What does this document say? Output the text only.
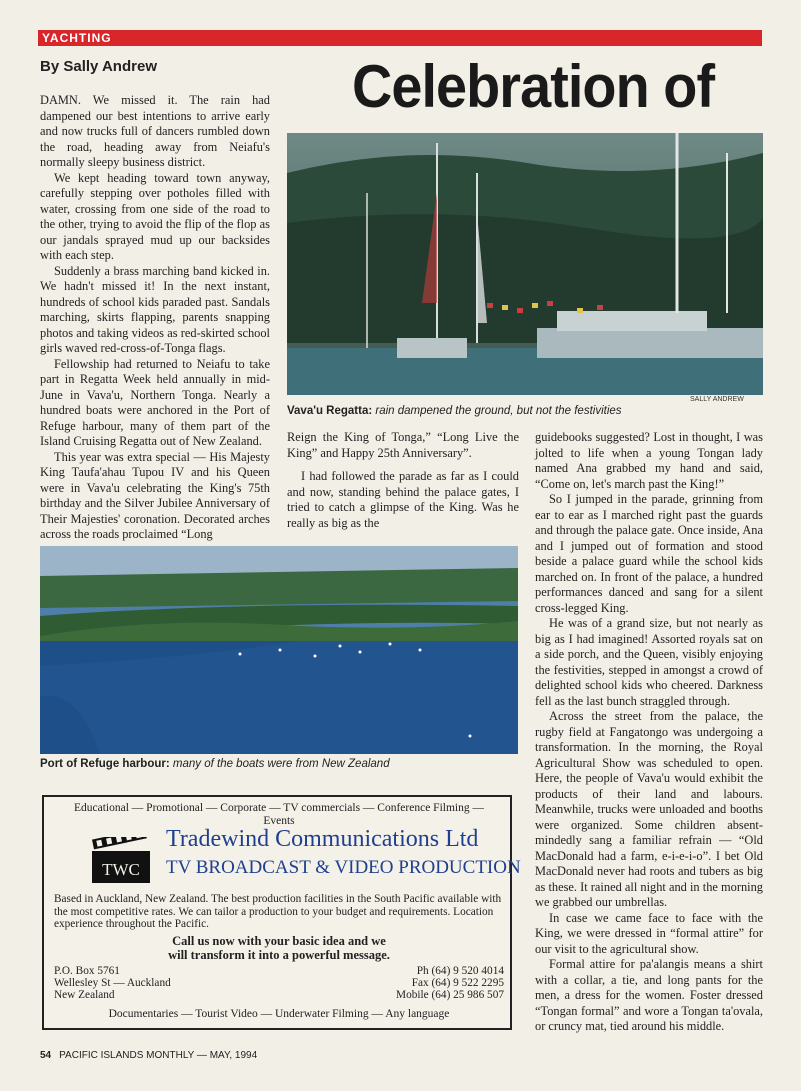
YACHTING
Celebration of
By Sally Andrew

DAMN. We missed it. The rain had dampened our best intentions to arrive early and now trucks full of dancers rumbled down the road, heading away from Neiafu's normally sleepy business district.

We kept heading toward town anyway, carefully stepping over potholes filled with water, crossing from one side of the road to the other, trying to avoid the flip of the flop as our jandals sprayed mud up our backsides with each step.

Suddenly a brass marching band kicked in. We hadn't missed it! In the next instant, hundreds of school kids paraded past. Sandals marching, skirts flapping, parents snapping photos and taking videos as red-skirted school girls waved red-cross-of-Tonga flags.

Fellowship had returned to Neiafu to take part in Regatta Week held annually in mid-June in Vava'u, Northern Tonga. Nearly a hundred boats were anchored in the Port of Refuge harbour, many of them part of the Island Cruising Regatta out of New Zealand.

This year was extra special — His Majesty King Taufa'ahau Tupou IV and his Queen were in Vava'u celebrating the King's 75th birthday and the Silver Jubilee Anniversary of Their Majesties' coronation. Decorated arches across the roads proclaimed “Long

SALLY ANDREW
Vava'u Regatta: rain dampened the ground, but not the festivities

Reign the King of Tonga,” “Long Live the King” and Happy 25th Anniversary”.

I had followed the parade as far as I could and now, standing behind the palace gates, I tried to catch a glimpse of the King. Was he really as big as the

guidebooks suggested? Lost in thought, I was jolted to life when a young Tongan lady named Ana grabbed my hand and said, “Come on, let's march past the King!”

So I jumped in the parade, grinning from ear to ear as I marched right past the guards and through the palace gate. Once inside, Ana and I jumped out of formation and stood beside a palace guard while the school kids marched on. In front of the palace, a hundred performances danced and sang for a silent cross-legged King.

He was of a grand size, but not nearly as big as I had imagined! Assorted royals sat on a side porch, and the Queen, visibly enjoying the festivities, stepped in amongst a crowd of delighted school kids who cheered. Darkness fell as the last bunch straggled through.

Across the street from the palace, the rugby field at Fangatongo was undergoing a transformation. In the morning, the Royal Agricultural Show was scheduled to open. Here, the people of Vava'u would exhibit the products of their land and labours. Meanwhile, trucks were unloaded and booths were organized. Some children absent-mindedly sang a familiar refrain — “Old MacDonald had a farm, e-i-e-i-o”. I bet Old MacDonald never had roots and tubers as big as these. It rained all night and in the morning we grabbed our umbrellas.

In case we came face to face with the King, we were dressed in “formal attire” for our visit to the agricultural show.

Formal attire for pa'alangis means a shirt with a collar, a tie, and long pants for the men, a dress for the women. Foster dressed “Tongan formal” and wore a Tongan ta'ovala, or cruncy mat, tied around his middle.

Port of Refuge harbour: many of the boats were from New Zealand
Educational — Promotional — Corporate — TV commercials — Conference Filming — Events
TWC
Tradewind Communications Ltd
TV BROADCAST & VIDEO PRODUCTION
Based in Auckland, New Zealand. The best production facilities in the South Pacific available with the most competitive rates. We can tailor a production to your budget and requirements. Location experience throughout the Pacific.
Call us now with your basic idea and we
will transform it into a powerful message.
P.O. Box 5761
Wellesley St — Auckland
New Zealand
Ph (64) 9 520 4014
Fax (64) 9 522 2295
Mobile (64) 25 986 507
Documentaries — Tourist Video — Underwater Filming — Any language
54 PACIFIC ISLANDS MONTHLY — MAY, 1994
